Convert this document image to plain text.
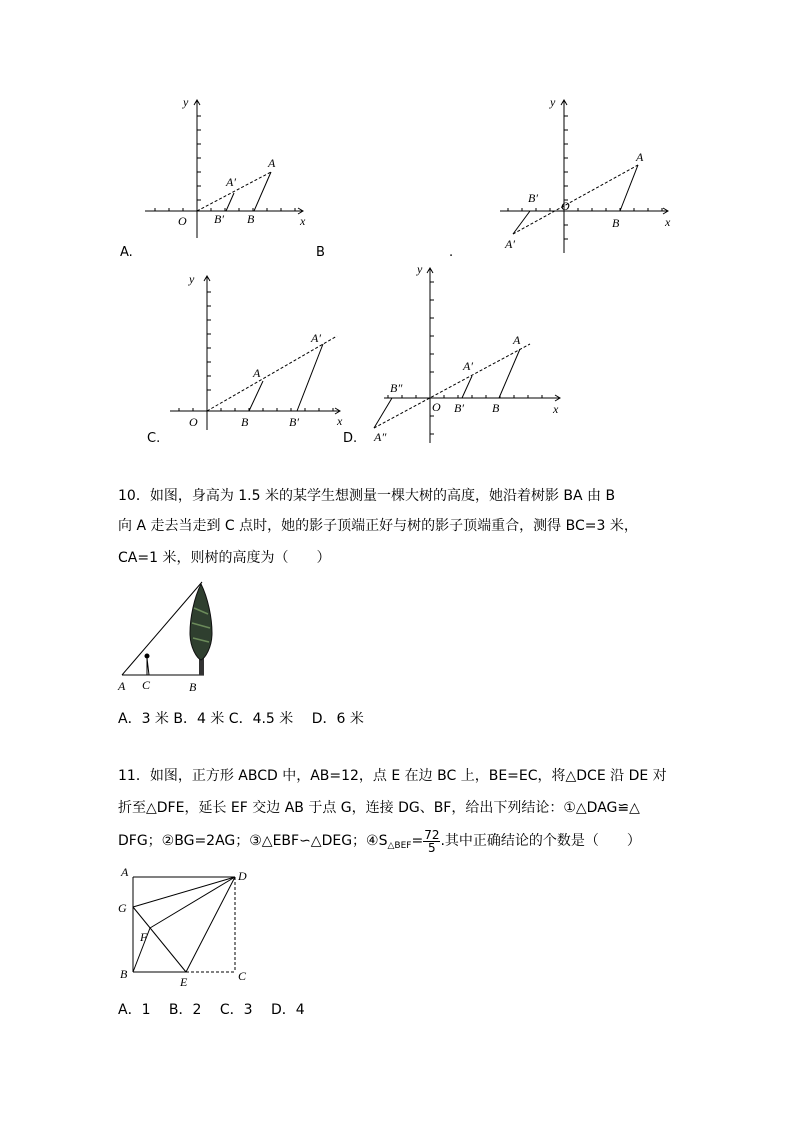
y
x
O B′ B
A′
A
y
x
O
B′
B
A
A′
y
x
O	B	B′
A
A′
y
x
O B′ B
A′
A
B″
A″
A.	B	.
C.	D.
10．如图，身高为 1.5 米的某学生想测量一棵大树的高度，她沿着树影 BA 由 B
向 A 走去当走到 C 点时，她的影子顶端正好与树的影子顶端重合，测得 BC=3 米，
CA=1 米，则树的高度为（　　）
A C	B
A．3 米 B．4 米 C．4.5 米　 D．6 米
11．如图，正方形 ABCD 中，AB=12，点 E 在边 BC 上，BE=EC，将△DCE 沿 DE 对
折至△DFE，延长 EF 交边 AB 于点 G，连接 DG、BF，给出下列结论：①△DAG≌△
DFG；②BG=2AG；③△EBF∽△DEG；④S △BEF = $\frac{72}{5}$ .其中正确结论的个数是（　　）
A	D
G
F
B
E	C
A．1　 B．2　 C．3　 D．4
